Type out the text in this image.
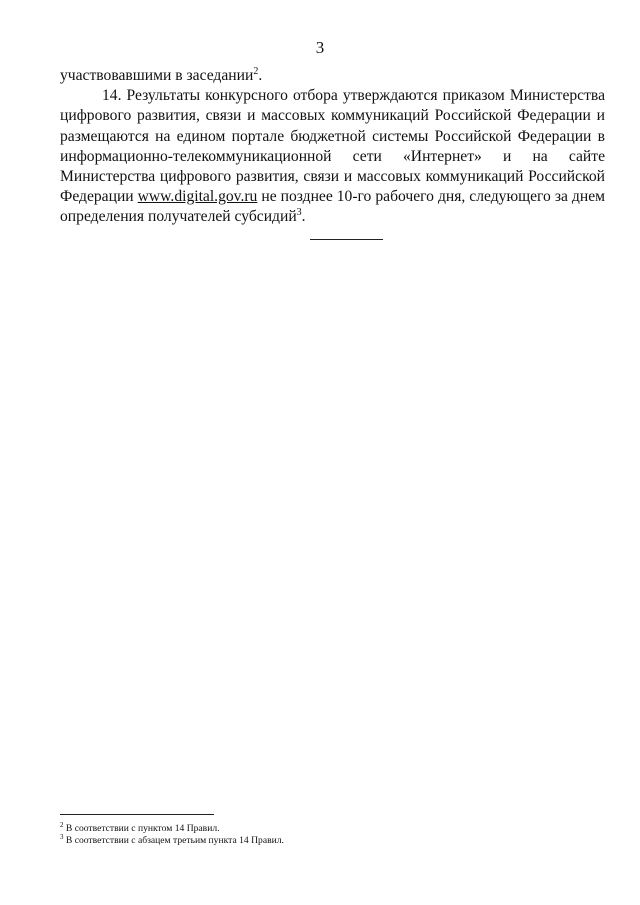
3

участвовавшими в заседании$^2$.

14. Результаты конкурсного отбора утверждаются приказом Министерства цифрового развития, связи и массовых коммуникаций Российской Федерации и размещаются на едином портале бюджетной системы Российской Федерации в информационно-телекоммуникационной сети «Интернет» и на сайте Министерства цифрового развития, связи и массовых коммуникаций Российской Федерации www.digital.gov.ru не позднее 10-го рабочего дня, следующего за днем определения получателей субсидий$^3$.

$^2$ В соответствии с пунктом 14 Правил.

$^3$ В соответствии с абзацем третьим пункта 14 Правил.
